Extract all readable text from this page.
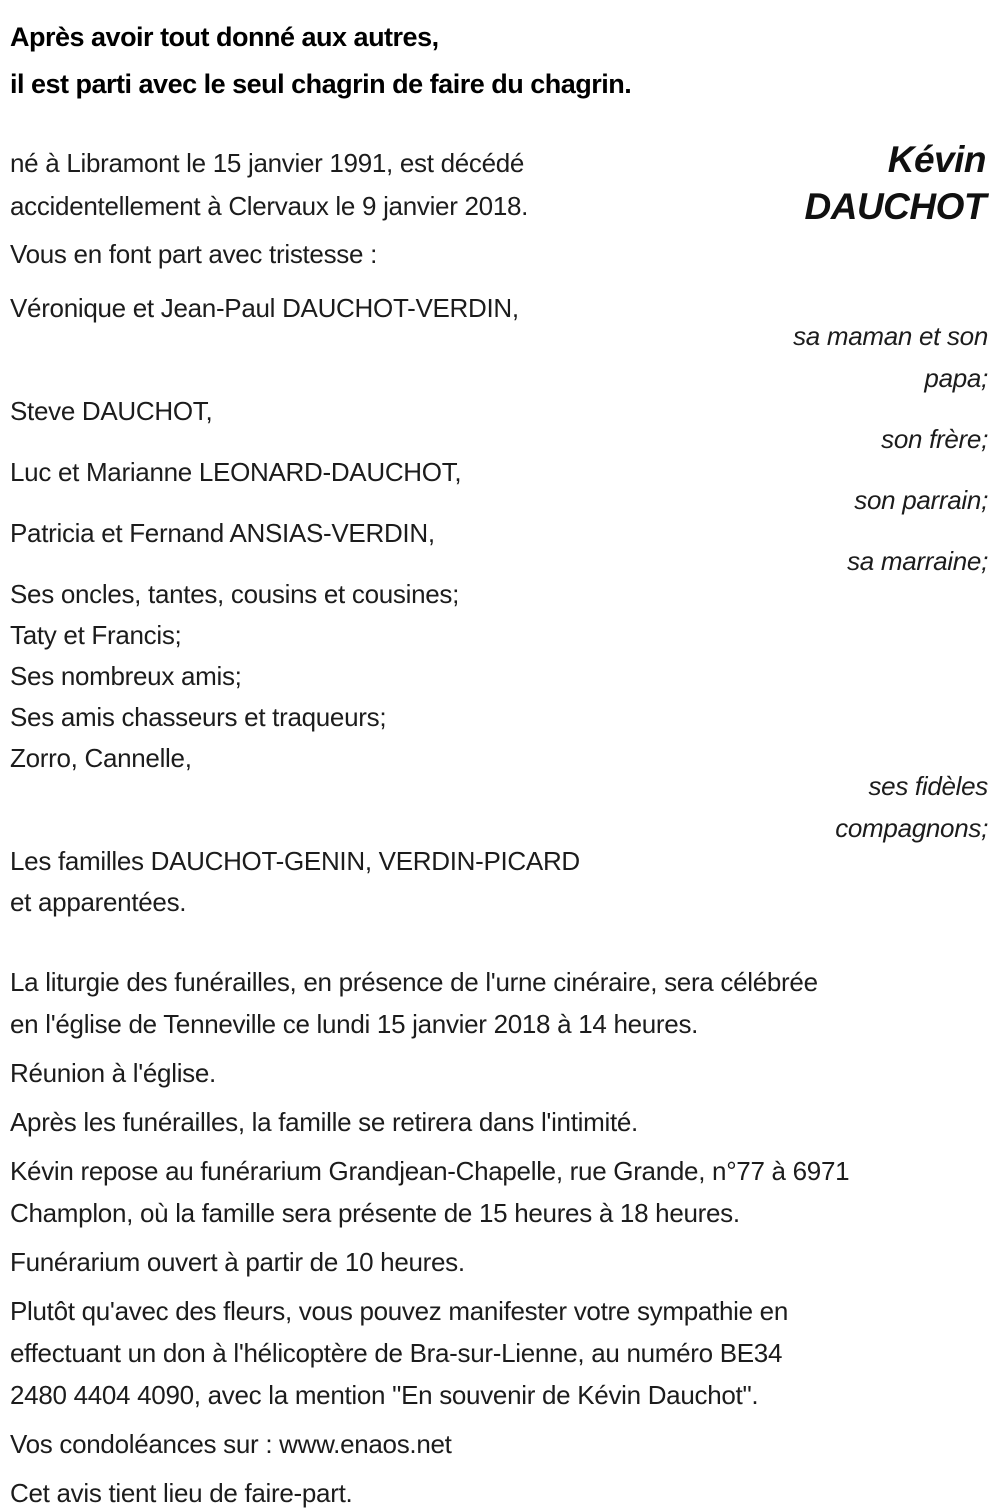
Après avoir tout donné aux autres,
il est parti avec le seul chagrin de faire du chagrin.
Kévin
DAUCHOT
né à Libramont le 15 janvier 1991, est décédé
accidentellement à Clervaux le 9 janvier 2018.
Vous en font part avec tristesse :
Véronique et Jean-Paul DAUCHOT-VERDIN,
sa maman et son
papa;
Steve DAUCHOT,
son frère;
Luc et Marianne LEONARD-DAUCHOT,
son parrain;
Patricia et Fernand ANSIAS-VERDIN,
sa marraine;
Ses oncles, tantes, cousins et cousines;
Taty et Francis;
Ses nombreux amis;
Ses amis chasseurs et traqueurs;
Zorro, Cannelle,
ses fidèles
compagnons;
Les familles DAUCHOT-GENIN, VERDIN-PICARD
et apparentées.

La liturgie des funérailles, en présence de l'urne cinéraire, sera célébrée
en l'église de Tenneville ce lundi 15 janvier 2018 à 14 heures.

Réunion à l'église.

Après les funérailles, la famille se retirera dans l'intimité.

Kévin repose au funérarium Grandjean-Chapelle, rue Grande, n°77 à 6971
Champlon, où la famille sera présente de 15 heures à 18 heures.

Funérarium ouvert à partir de 10 heures.

Plutôt qu'avec des fleurs, vous pouvez manifester votre sympathie en
effectuant un don à l'hélicoptère de Bra-sur-Lienne, au numéro BE34
2480 4404 4090, avec la mention "En souvenir de Kévin Dauchot".

Vos condoléances sur : www.enaos.net

Cet avis tient lieu de faire-part.
